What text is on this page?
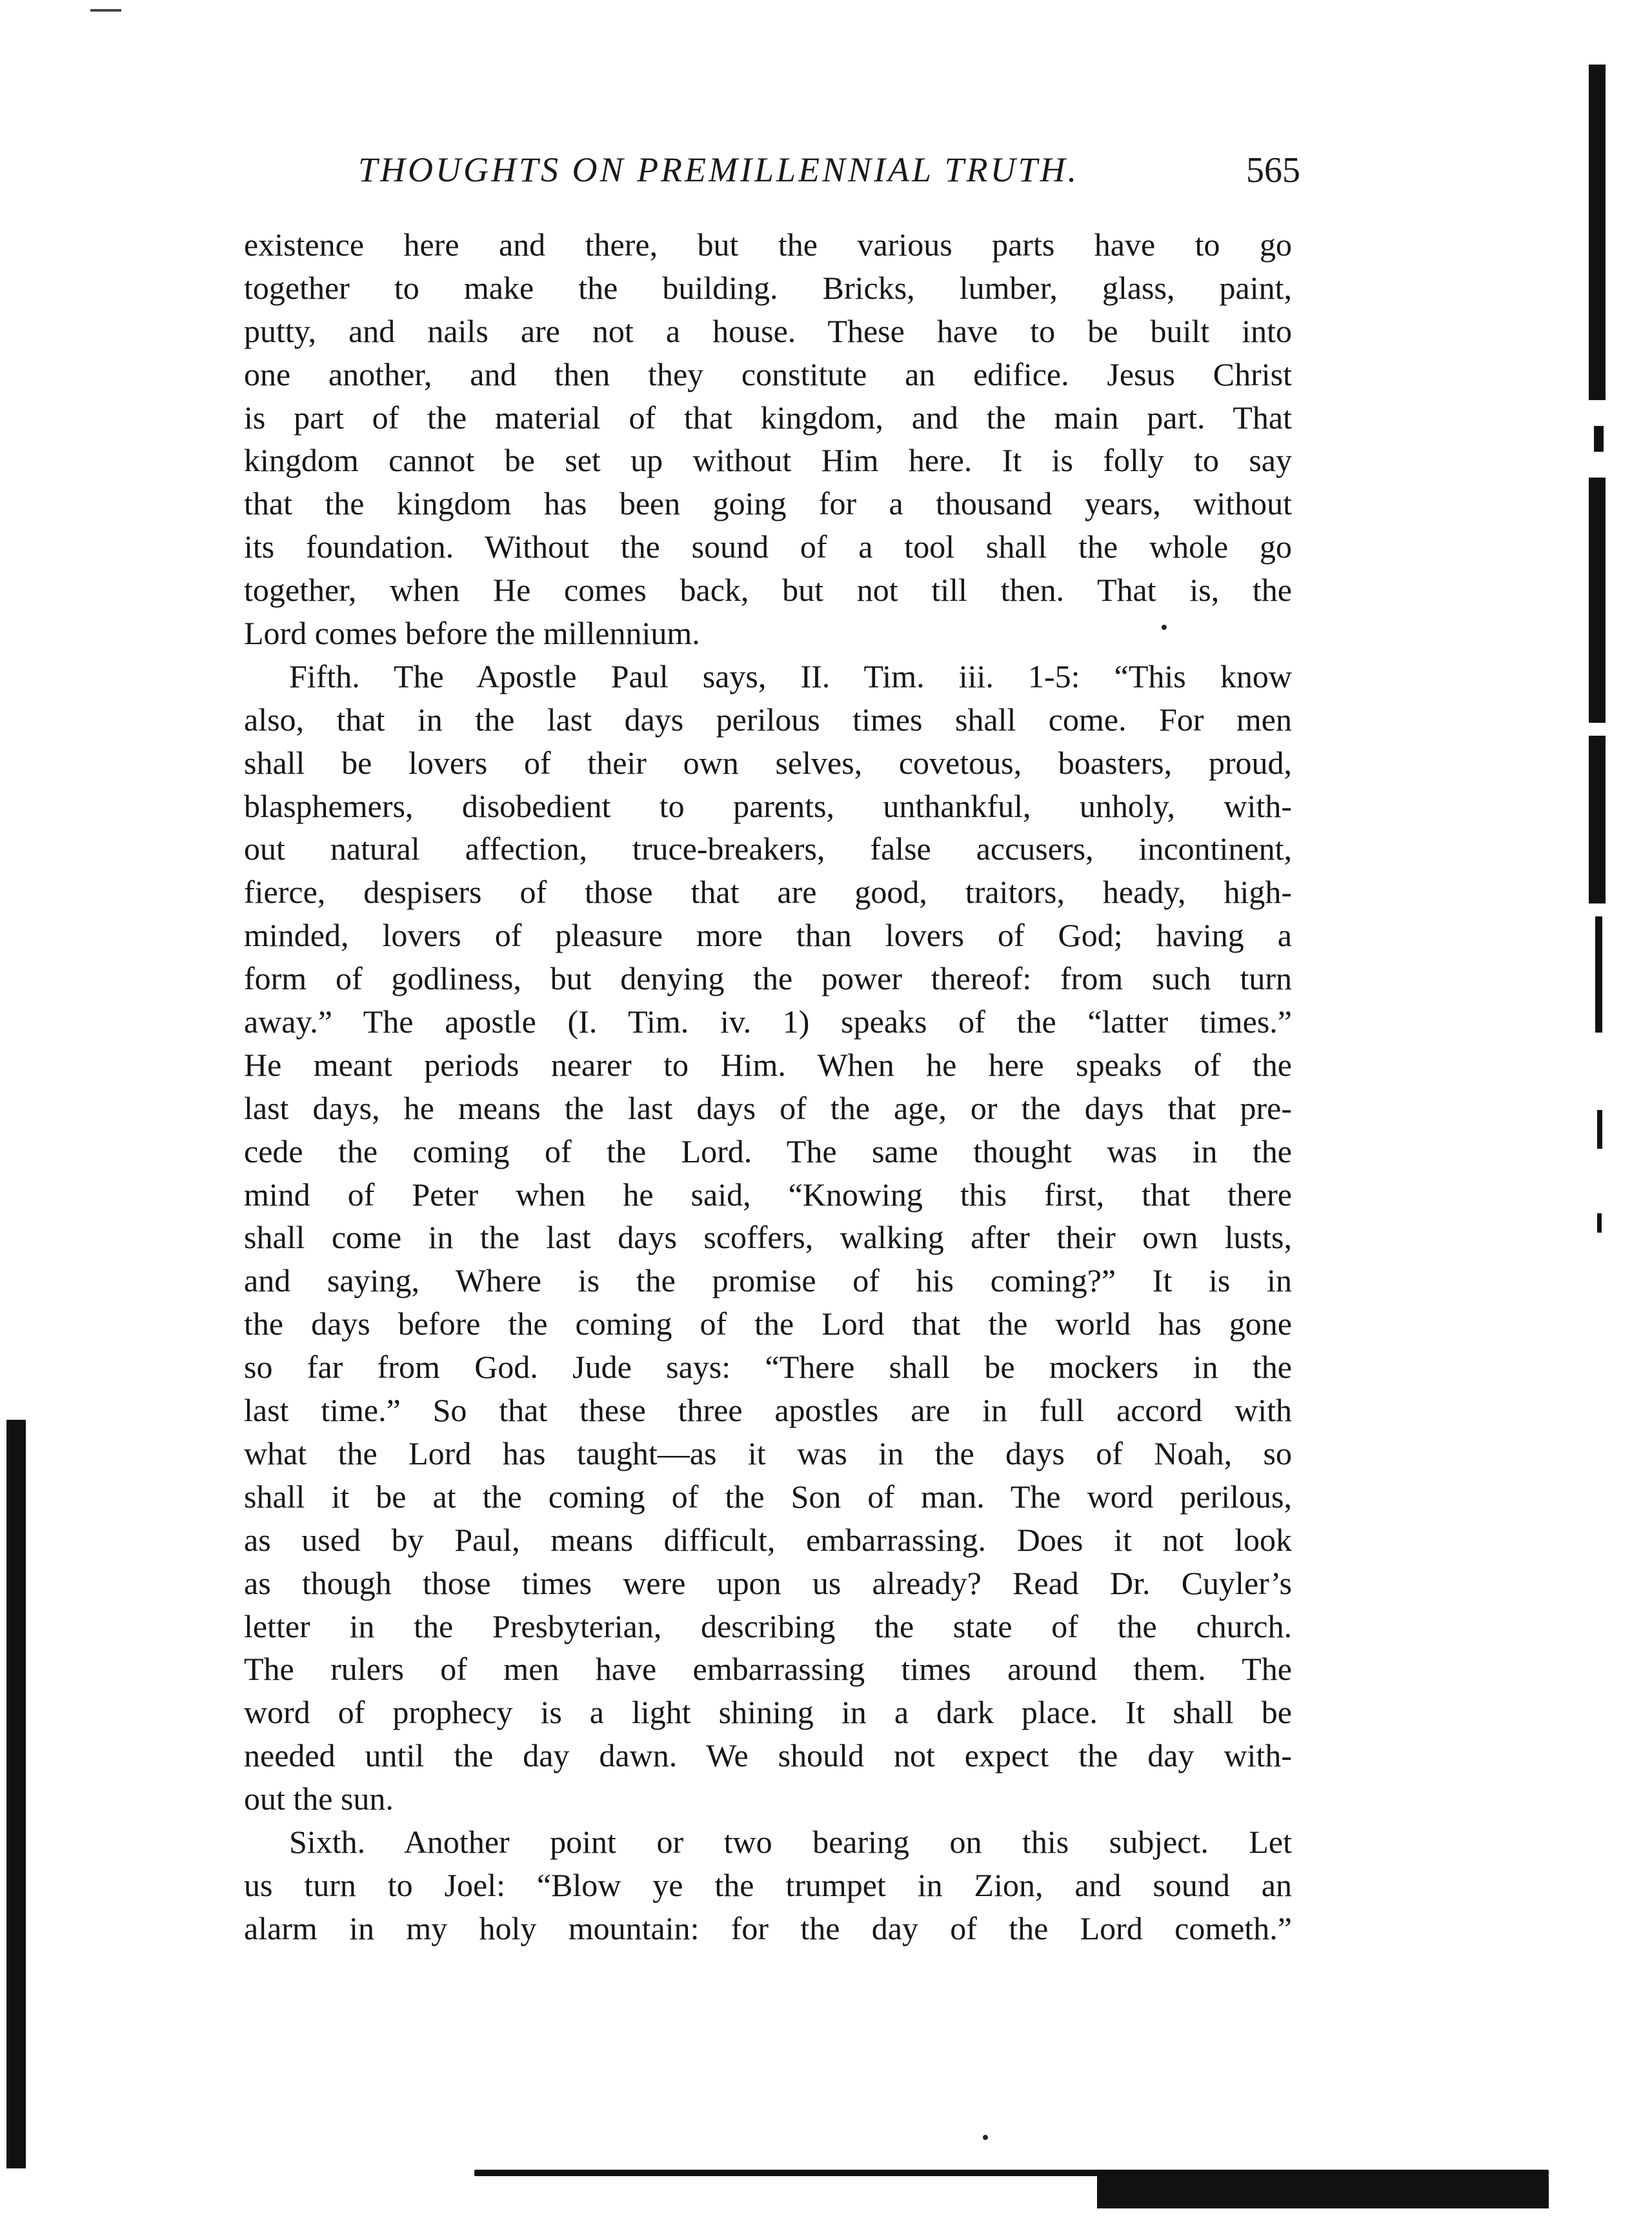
THOUGHTS ON PREMILLENNIAL TRUTH.	565
existence here and there, but the various parts have to go
together to make the building. Bricks, lumber, glass, paint,
putty, and nails are not a house. These have to be built into
one another, and then they constitute an edifice. Jesus Christ
is part of the material of that kingdom, and the main part. That
kingdom cannot be set up without Him here. It is folly to say
that the kingdom has been going for a thousand years, without
its foundation. Without the sound of a tool shall the whole go
together, when He comes back, but not till then. That is, the
Lord comes before the millennium.
Fifth. The Apostle Paul says, II. Tim. iii. 1-5: “This know
also, that in the last days perilous times shall come. For men
shall be lovers of their own selves, covetous, boasters, proud,
blasphemers, disobedient to parents, unthankful, unholy, with-
out natural affection, truce-breakers, false accusers, incontinent,
fierce, despisers of those that are good, traitors, heady, high-
minded, lovers of pleasure more than lovers of God; having a
form of godliness, but denying the power thereof: from such turn
away.” The apostle (I. Tim. iv. 1) speaks of the “latter times.”
He meant periods nearer to Him. When he here speaks of the
last days, he means the last days of the age, or the days that pre-
cede the coming of the Lord. The same thought was in the
mind of Peter when he said, “Knowing this first, that there
shall come in the last days scoffers, walking after their own lusts,
and saying, Where is the promise of his coming?” It is in
the days before the coming of the Lord that the world has gone
so far from God. Jude says: “There shall be mockers in the
last time.” So that these three apostles are in full accord with
what the Lord has taught—as it was in the days of Noah, so
shall it be at the coming of the Son of man. The word perilous,
as used by Paul, means difficult, embarrassing. Does it not look
as though those times were upon us already? Read Dr. Cuyler’s
letter in the Presbyterian, describing the state of the church.
The rulers of men have embarrassing times around them. The
word of prophecy is a light shining in a dark place. It shall be
needed until the day dawn. We should not expect the day with-
out the sun.
Sixth. Another point or two bearing on this subject. Let
us turn to Joel: “Blow ye the trumpet in Zion, and sound an
alarm in my holy mountain: for the day of the Lord cometh.”
